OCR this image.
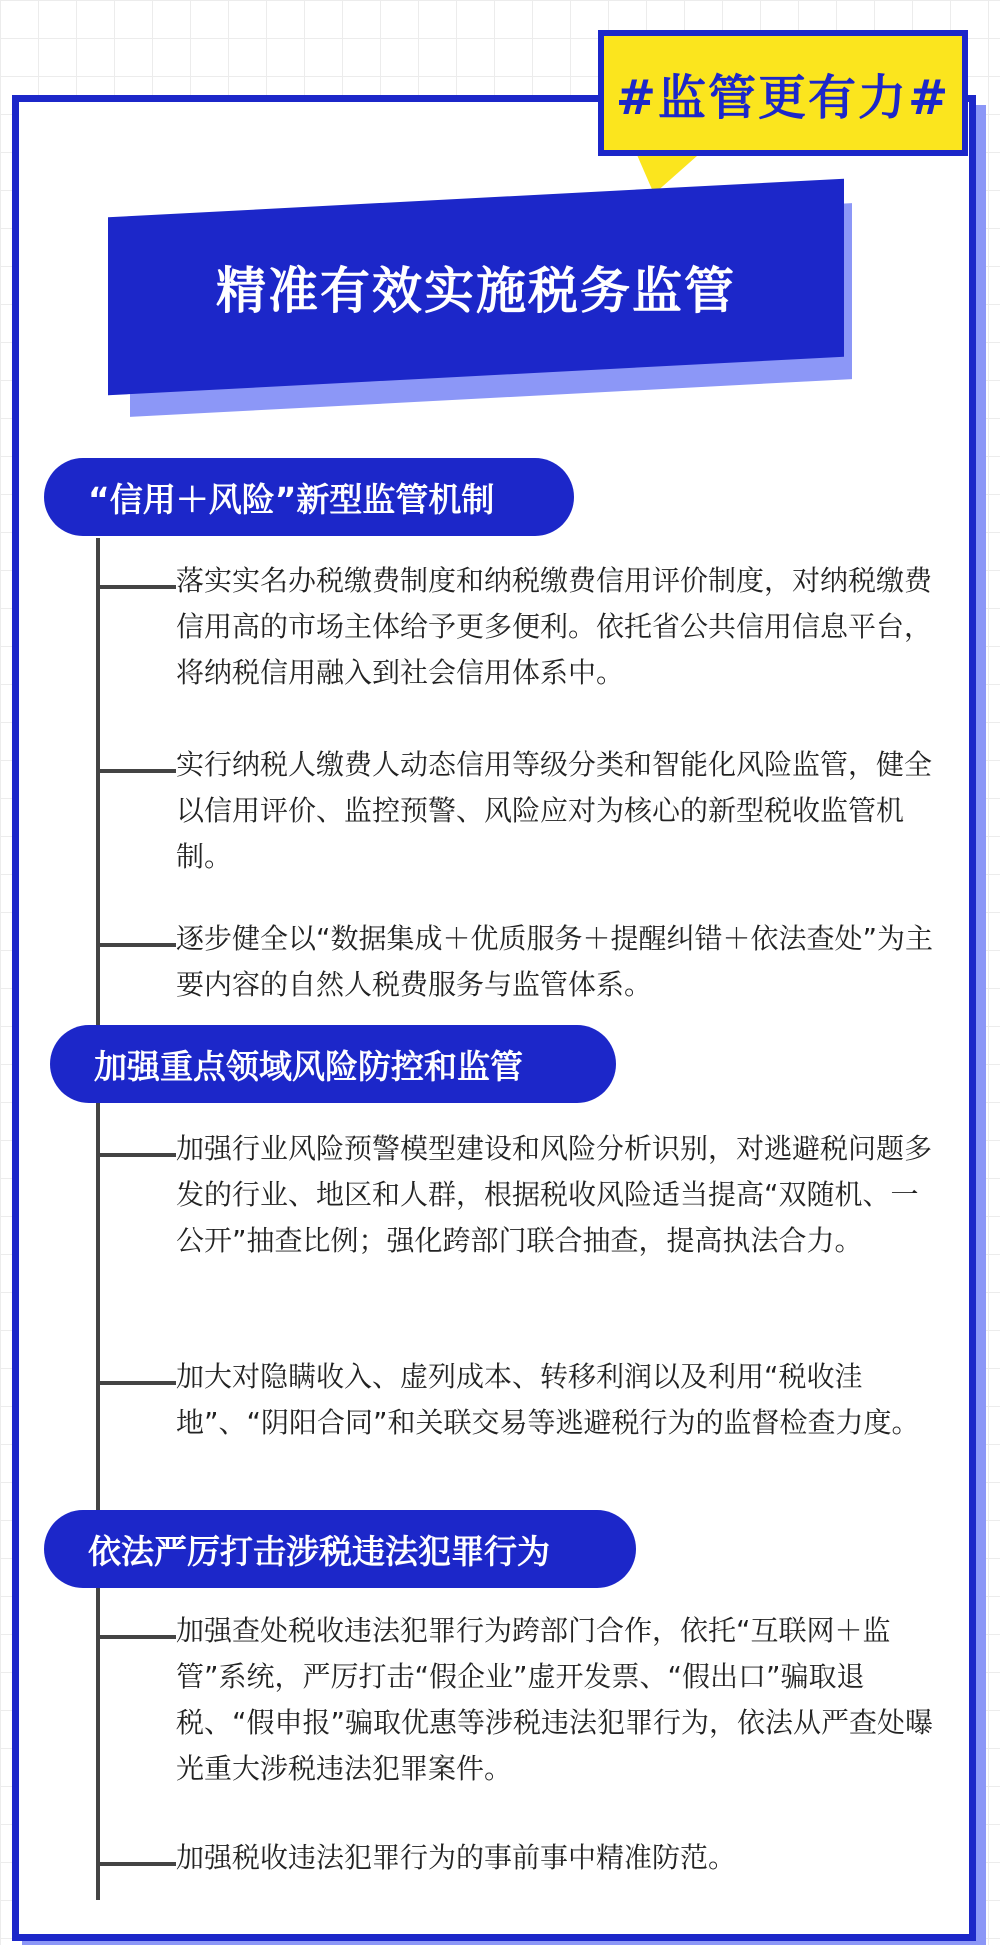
#监管更有力#
精准有效实施税务监管
“信用＋风险”新型监管机制
落实实名办税缴费制度和纳税缴费信用评价制度，对纳税缴费信用高的市场主体给予更多便利。依托省公共信用信息平台，将纳税信用融入到社会信用体系中。
实行纳税人缴费人动态信用等级分类和智能化风险监管，健全以信用评价、监控预警、风险应对为核心的新型税收监管机制。
逐步健全以“数据集成＋优质服务＋提醒纠错＋依法查处”为主要内容的自然人税费服务与监管体系。
加强重点领域风险防控和监管
加强行业风险预警模型建设和风险分析识别，对逃避税问题多发的行业、地区和人群，根据税收风险适当提高“双随机、一公开”抽查比例；强化跨部门联合抽查，提高执法合力。
加大对隐瞒收入、虚列成本、转移利润以及利用“税收洼地”、“阴阳合同”和关联交易等逃避税行为的监督检查力度。
依法严厉打击涉税违法犯罪行为
加强查处税收违法犯罪行为跨部门合作，依托“互联网＋监管”系统，严厉打击“假企业”虚开发票、“假出口”骗取退税、“假申报”骗取优惠等涉税违法犯罪行为，依法从严查处曝光重大涉税违法犯罪案件。
加强税收违法犯罪行为的事前事中精准防范。
